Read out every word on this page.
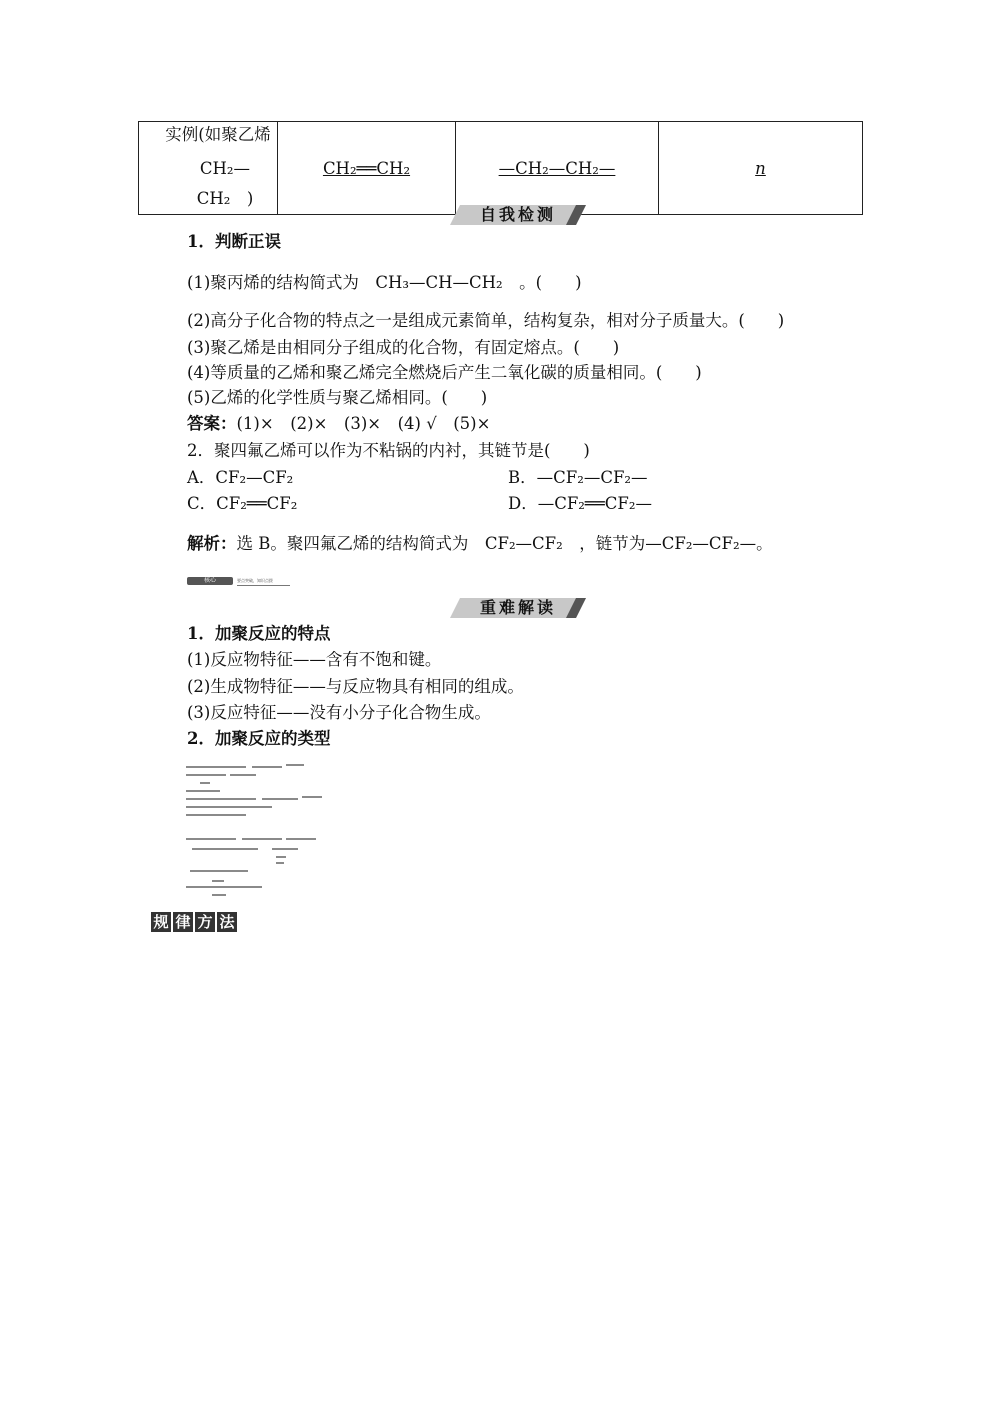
实例(如聚乙烯
CH₂—CH₂　)
	CH₂══CH₂	—CH₂—CH₂—	n
自我检测
1．判断正误
(1)聚丙烯的结构简式为　CH₃—CH—CH₂　。(　　)
(2)高分子化合物的特点之一是组成元素简单，结构复杂，相对分子质量大。(　　)
(3)聚乙烯是由相同分子组成的化合物，有固定熔点。(　　)
(4)等质量的乙烯和聚乙烯完全燃烧后产生二氧化碳的质量相同。(　　)
(5)乙烯的化学性质与聚乙烯相同。(　　)
答案：(1)×　(2)×　(3)×　(4) √　(5)×
2．聚四氟乙烯可以作为不粘锅的内衬，其链节是(　　)
A．CF₂—CF₂	B．—CF₂—CF₂—
C．CF₂══CF₂	D．—CF₂══CF₂—
解析：选 B。聚四氟乙烯的结构简式为　CF₂—CF₂　，链节为—CF₂—CF₂—。
核心	要点突破，知识点拨
重难解读
1．加聚反应的特点
(1)反应物特征——含有不饱和键。
(2)生成物特征——与反应物具有相同的组成。
(3)反应特征——没有小分子化合物生成。
2．加聚反应的类型
规 律 方 法
